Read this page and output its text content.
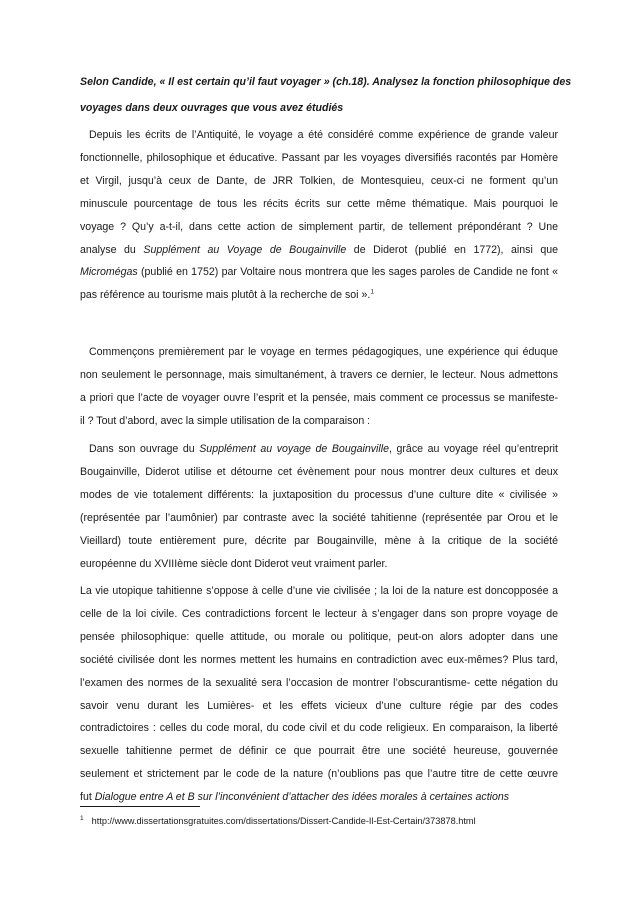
Selon Candide, « Il est certain qu’il faut voyager » (ch.18). Analysez la fonction philosophique des
voyages dans deux ouvrages que vous avez étudiés
Depuis les écrits de l’Antiquité, le voyage a été considéré comme expérience de grande valeur
fonctionnelle, philosophique et éducative. Passant par les voyages diversifiés racontés par Homère
et Virgil, jusqu’à ceux de Dante, de JRR Tolkien, de Montesquieu, ceux-ci ne forment qu’un
minuscule pourcentage de tous les récits écrits sur cette même thématique. Mais pourquoi le
voyage ? Qu’y a-t-il, dans cette action de simplement partir, de tellement prépondérant ? Une
analyse du Supplément au Voyage de Bougainville de Diderot (publié en 1772), ainsi que
Micromégas (publié en 1752) par Voltaire nous montrera que les sages paroles de Candide ne font «
pas référence au tourisme mais plutôt à la recherche de soi ».$^1$
Commençons premièrement par le voyage en termes pédagogiques, une expérience qui éduque
non seulement le personnage, mais simultanément, à travers ce dernier, le lecteur. Nous admettons
a priori que l’acte de voyager ouvre l’esprit et la pensée, mais comment ce processus se manifeste-
il ? Tout d’abord, avec la simple utilisation de la comparaison :
Dans son ouvrage du Supplément au voyage de Bougainville, grâce au voyage réel qu’entreprit
Bougainville, Diderot utilise et détourne cet évènement pour nous montrer deux cultures et deux
modes de vie totalement différents: la juxtaposition du processus d’une culture dite « civilisée »
(représentée par l’aumônier) par contraste avec la société tahitienne (représentée par Orou et le
Vieillard) toute entièrement pure, décrite par Bougainville, mène à la critique de la société
européenne du XVIIIème siècle dont Diderot veut vraiment parler.
La vie utopique tahitienne s’oppose à celle d’une vie civilisée ; la loi de la nature est doncopposée a
celle de la loi civile. Ces contradictions forcent le lecteur à s’engager dans son propre voyage de
pensée philosophique: quelle attitude, ou morale ou politique, peut-on alors adopter dans une
société civilisée dont les normes mettent les humains en contradiction avec eux-mêmes? Plus tard,
l’examen des normes de la sexualité sera l’occasion de montrer l’obscurantisme- cette négation du
savoir venu durant les Lumières- et les effets vicieux d’une culture régie par des codes
contradictoires : celles du code moral, du code civil et du code religieux. En comparaison, la liberté
sexuelle tahitienne permet de définir ce que pourrait être une société heureuse, gouvernée
seulement et strictement par le code de la nature (n’oublions pas que l’autre titre de cette œuvre
fut Dialogue entre A et B sur l’inconvénient d’attacher des idées morales à certaines actions
$^1$ http://www.dissertationsgratuites.com/dissertations/Dissert-Candide-Il-Est-Certain/373878.html
